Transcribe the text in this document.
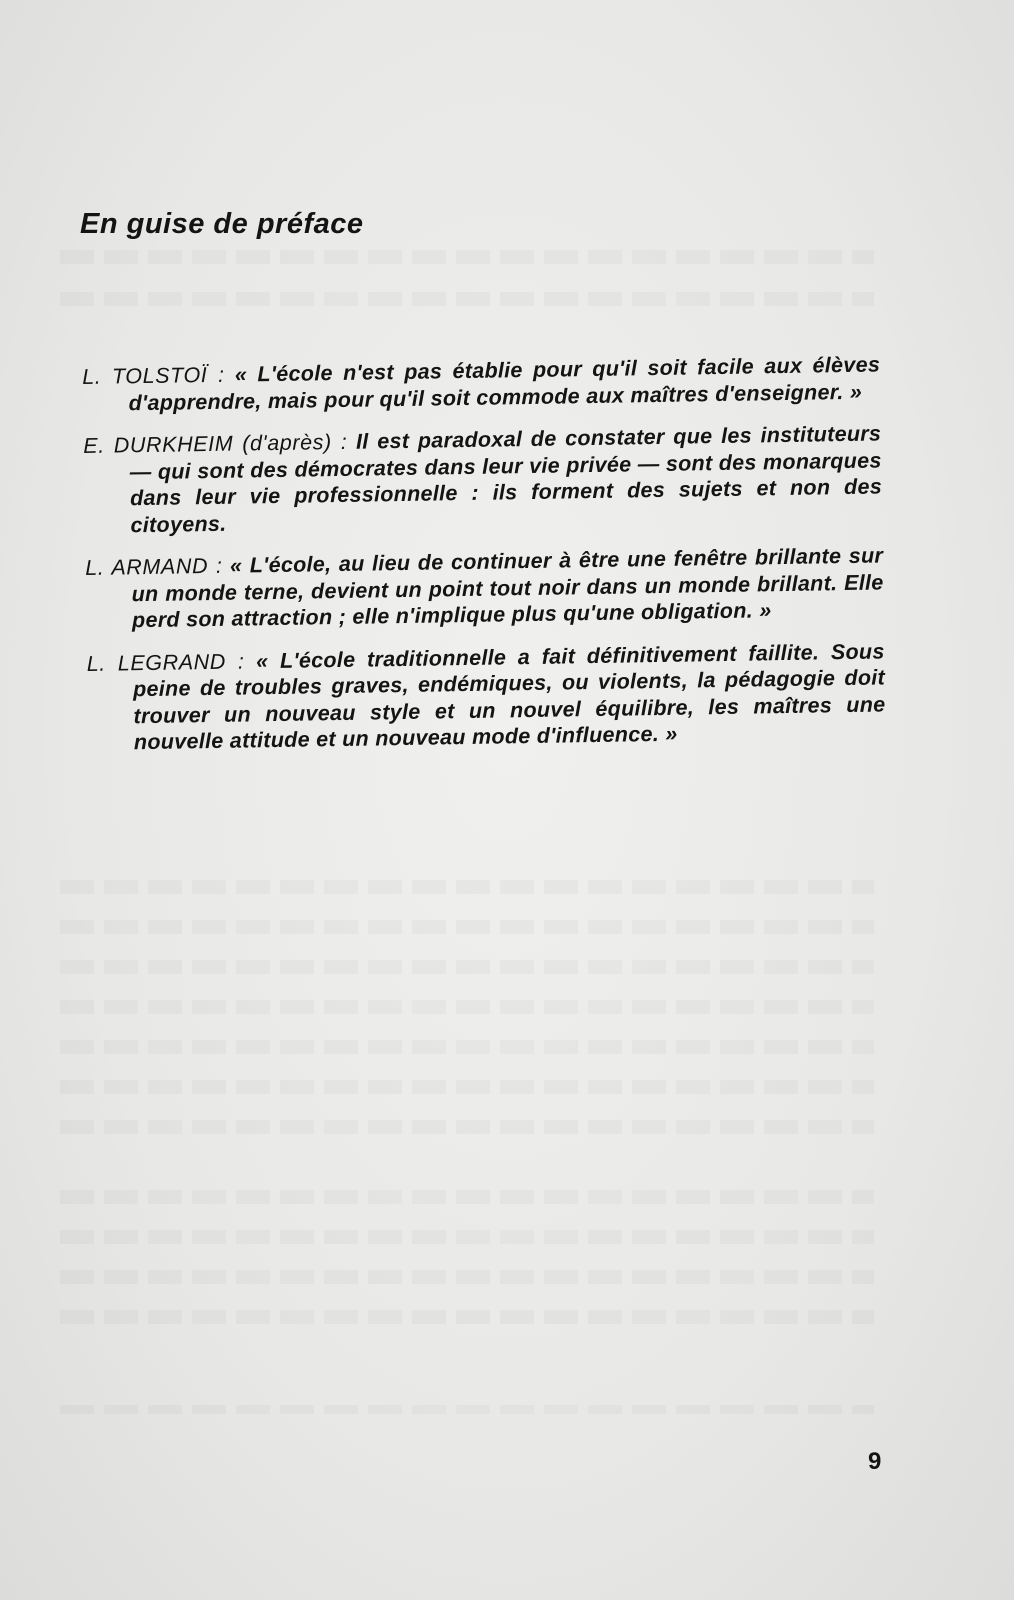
En guise de préface
L. TOLSTOÏ : « L'école n'est pas établie pour qu'il soit facile aux élèves d'apprendre, mais pour qu'il soit commode aux maîtres d'enseigner. »
E. DURKHEIM (d'après) : Il est paradoxal de constater que les instituteurs — qui sont des démocrates dans leur vie privée — sont des monarques dans leur vie professionnelle : ils forment des sujets et non des citoyens.
L. ARMAND : « L'école, au lieu de continuer à être une fenêtre brillante sur un monde terne, devient un point tout noir dans un monde brillant. Elle perd son attraction ; elle n'implique plus qu'une obligation. »
L. LEGRAND : « L'école traditionnelle a fait définitivement faillite. Sous peine de troubles graves, endémiques, ou violents, la pédagogie doit trouver un nouveau style et un nouvel équilibre, les maîtres une nouvelle attitude et un nouveau mode d'influence. »
9
